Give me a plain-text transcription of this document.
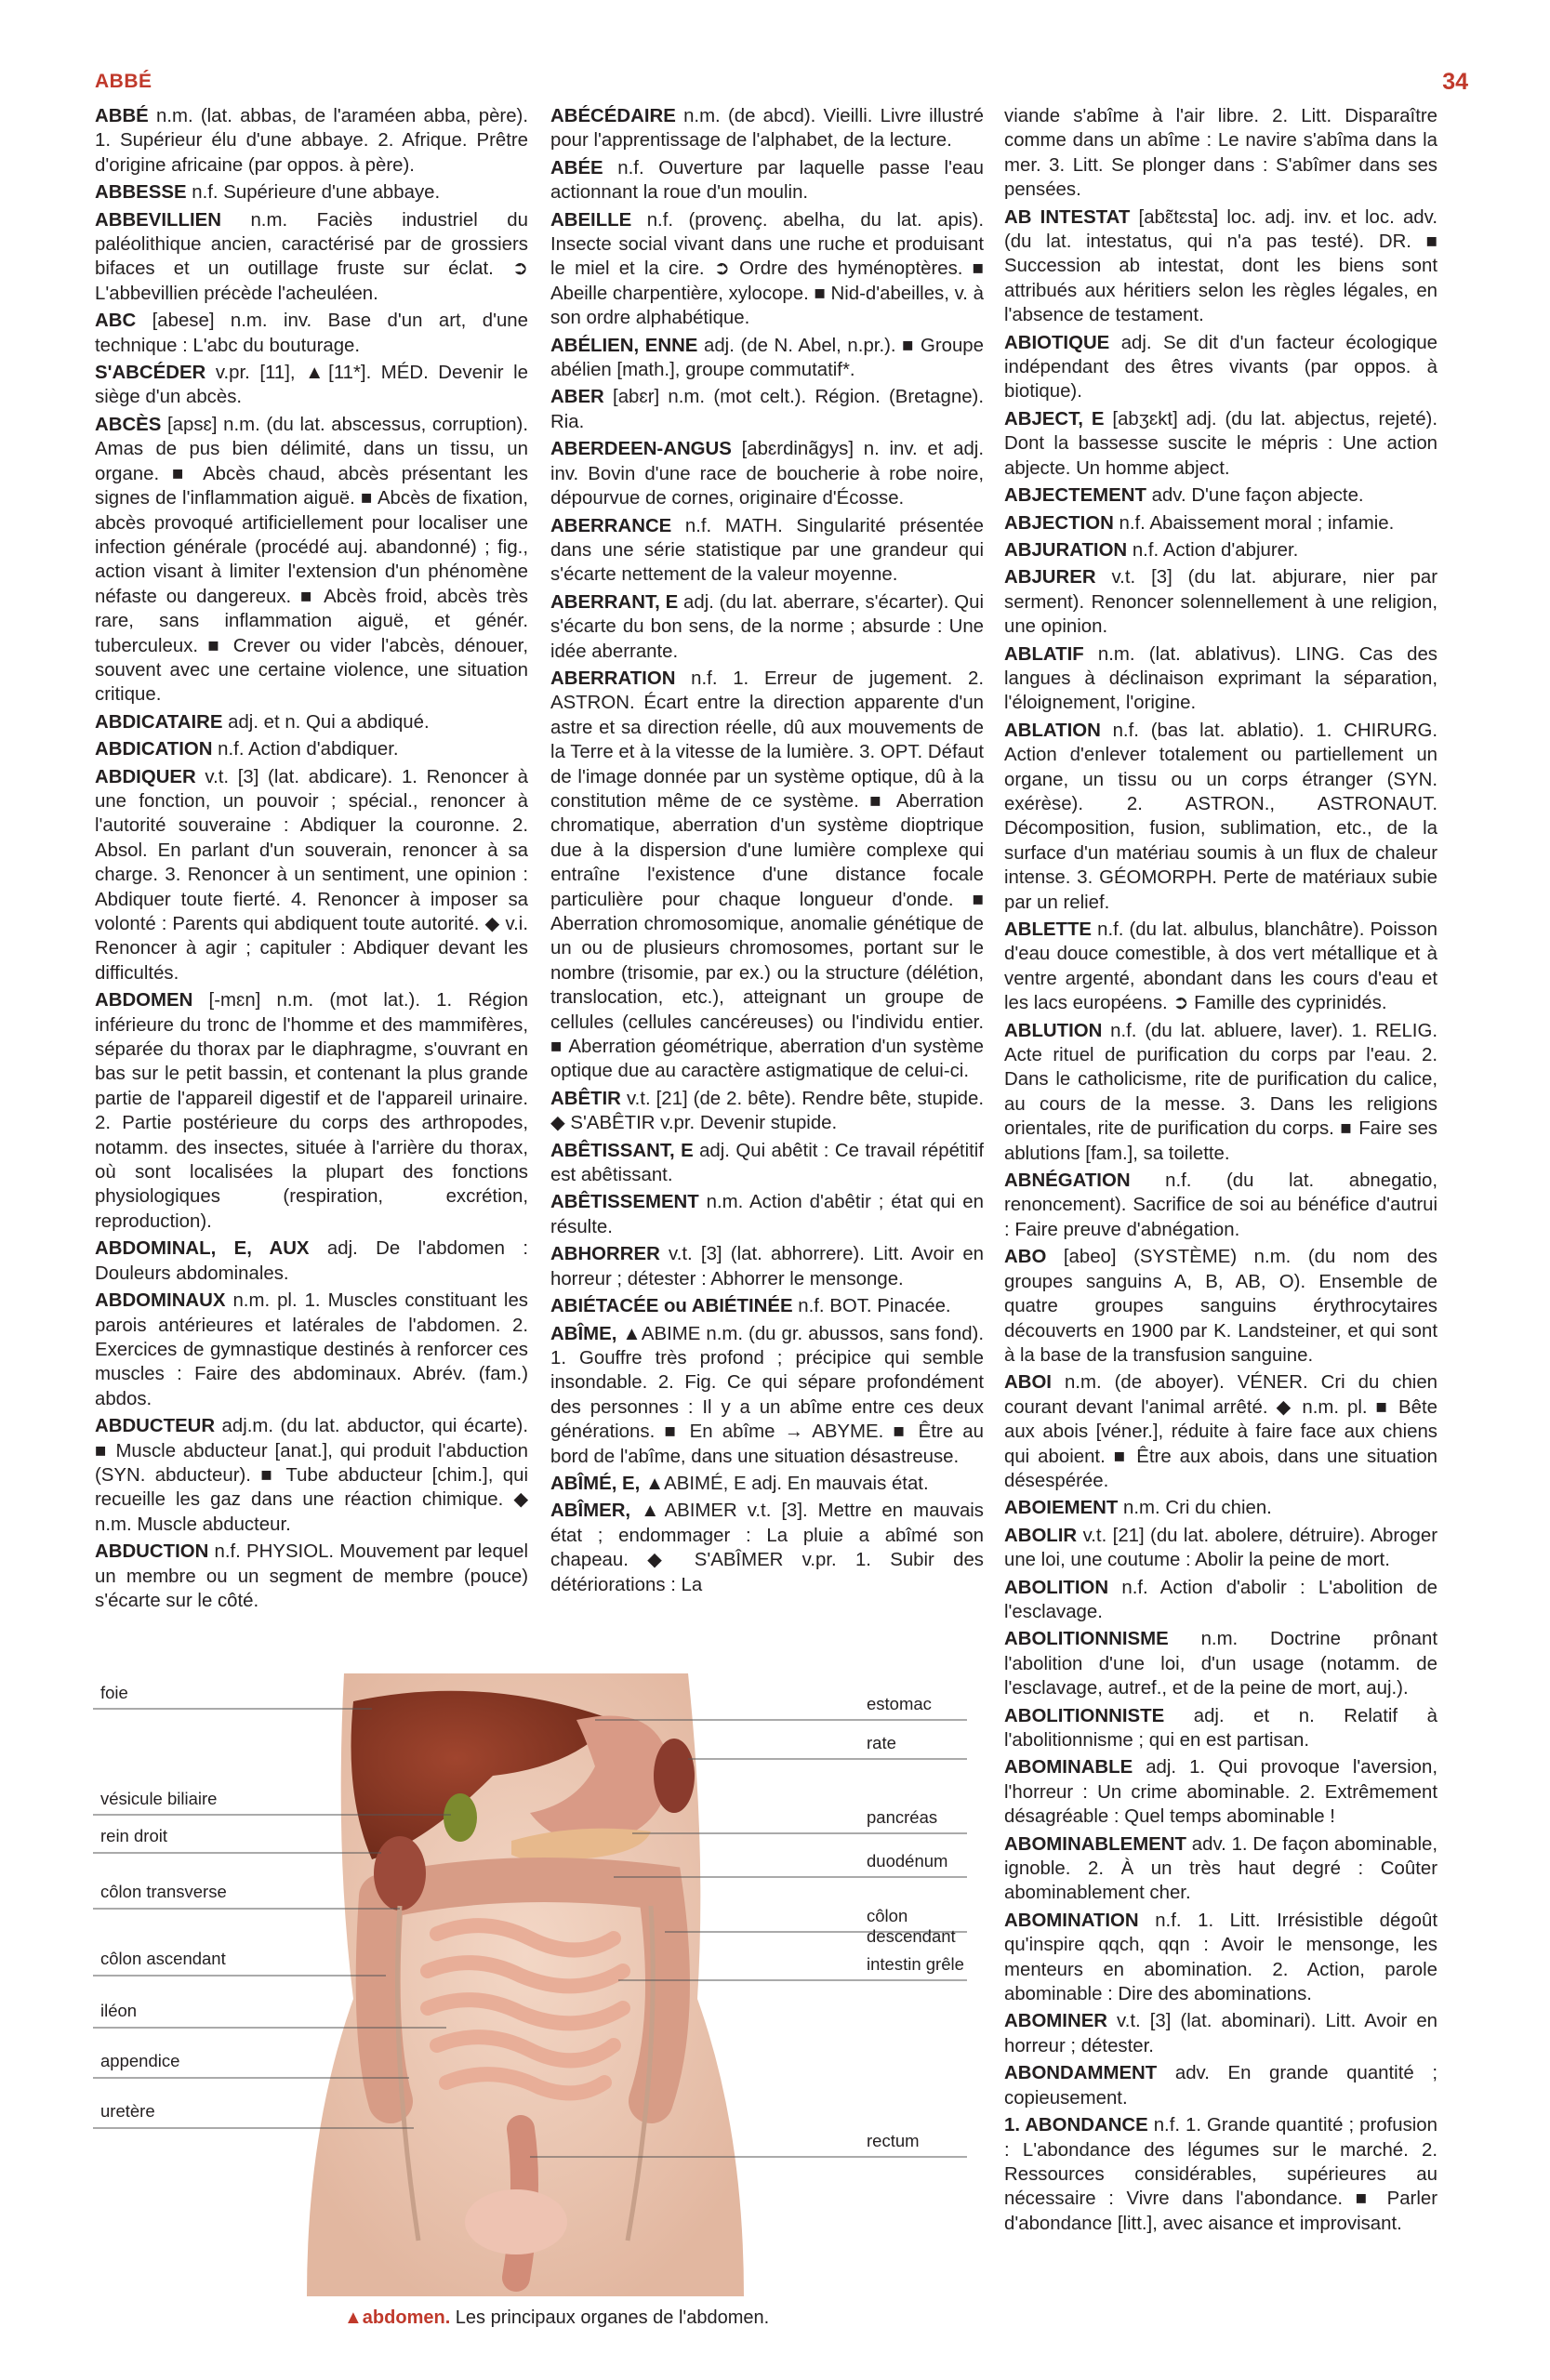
ABBÉ	34

ABBÉ n.m. (lat. abbas, de l'araméen abba, père). 1. Supérieur élu d'une abbaye. 2. Afrique. Prêtre d'origine africaine (par oppos. à père).

ABBESSE n.f. Supérieure d'une abbaye.

ABBEVILLIEN n.m. Faciès industriel du paléolithique ancien, caractérisé par de grossiers bifaces et un outillage fruste sur éclat. ➲ L'abbevillien précède l'acheuléen.

ABC [abese] n.m. inv. Base d'un art, d'une technique : L'abc du bouturage.

S'ABCÉDER v.pr. [11], ▲[11*]. MÉD. Devenir le siège d'un abcès.

ABCÈS [apsɛ] n.m. (du lat. abscessus, corruption). Amas de pus bien délimité, dans un tissu, un organe. ■ Abcès chaud, abcès présentant les signes de l'inflammation aiguë. ■ Abcès de fixation, abcès provoqué artificiellement pour localiser une infection générale (procédé auj. abandonné) ; fig., action visant à limiter l'extension d'un phénomène néfaste ou dangereux. ■ Abcès froid, abcès très rare, sans inflammation aiguë, et génér. tuberculeux. ■ Crever ou vider l'abcès, dénouer, souvent avec une certaine violence, une situation critique.

ABDICATAIRE adj. et n. Qui a abdiqué.

ABDICATION n.f. Action d'abdiquer.

ABDIQUER v.t. [3] (lat. abdicare). 1. Renoncer à une fonction, un pouvoir ; spécial., renoncer à l'autorité souveraine : Abdiquer la couronne. 2. Absol. En parlant d'un souverain, renoncer à sa charge. 3. Renoncer à un sentiment, une opinion : Abdiquer toute fierté. 4. Renoncer à imposer sa volonté : Parents qui abdiquent toute autorité. ◆ v.i. Renoncer à agir ; capituler : Abdiquer devant les difficultés.

ABDOMEN [-mɛn] n.m. (mot lat.). 1. Région inférieure du tronc de l'homme et des mammifères, séparée du thorax par le diaphragme, s'ouvrant en bas sur le petit bassin, et contenant la plus grande partie de l'appareil digestif et de l'appareil urinaire. 2. Partie postérieure du corps des arthropodes, notamm. des insectes, située à l'arrière du thorax, où sont localisées la plupart des fonctions physiologiques (respiration, excrétion, reproduction).

ABDOMINAL, E, AUX adj. De l'abdomen : Douleurs abdominales.

ABDOMINAUX n.m. pl. 1. Muscles constituant les parois antérieures et latérales de l'abdomen. 2. Exercices de gymnastique destinés à renforcer ces muscles : Faire des abdominaux. Abrév. (fam.) abdos.

ABDUCTEUR adj.m. (du lat. abductor, qui écarte). ■ Muscle abducteur [anat.], qui produit l'abduction (SYN. abducteur). ■ Tube abducteur [chim.], qui recueille les gaz dans une réaction chimique. ◆ n.m. Muscle abducteur.

ABDUCTION n.f. PHYSIOL. Mouvement par lequel un membre ou un segment de membre (pouce) s'écarte sur le côté.

ABÉCÉDAIRE n.m. (de abcd). Vieilli. Livre illustré pour l'apprentissage de l'alphabet, de la lecture.

ABÉE n.f. Ouverture par laquelle passe l'eau actionnant la roue d'un moulin.

ABEILLE n.f. (provenç. abelha, du lat. apis). Insecte social vivant dans une ruche et produisant le miel et la cire. ➲ Ordre des hyménoptères. ■ Abeille charpentière, xylocope. ■ Nid-d'abeilles, v. à son ordre alphabétique.

ABÉLIEN, ENNE adj. (de N. Abel, n.pr.). ■ Groupe abélien [math.], groupe commutatif*.

ABER [abɛr] n.m. (mot celt.). Région. (Bretagne). Ria.

ABERDEEN-ANGUS [abɛrdinãgys] n. inv. et adj. inv. Bovin d'une race de boucherie à robe noire, dépourvue de cornes, originaire d'Écosse.

ABERRANCE n.f. MATH. Singularité présentée dans une série statistique par une grandeur qui s'écarte nettement de la valeur moyenne.

ABERRANT, E adj. (du lat. aberrare, s'écarter). Qui s'écarte du bon sens, de la norme ; absurde : Une idée aberrante.

ABERRATION n.f. 1. Erreur de jugement. 2. ASTRON. Écart entre la direction apparente d'un astre et sa direction réelle, dû aux mouvements de la Terre et à la vitesse de la lumière. 3. OPT. Défaut de l'image donnée par un système optique, dû à la constitution même de ce système. ■ Aberration chromatique, aberration d'un système dioptrique due à la dispersion d'une lumière complexe qui entraîne l'existence d'une distance focale particulière pour chaque longueur d'onde. ■ Aberration chromosomique, anomalie génétique de un ou de plusieurs chromosomes, portant sur le nombre (trisomie, par ex.) ou la structure (délétion, translocation, etc.), atteignant un groupe de cellules (cellules cancéreuses) ou l'individu entier. ■ Aberration géométrique, aberration d'un système optique due au caractère astigmatique de celui-ci.

ABÊTIR v.t. [21] (de 2. bête). Rendre bête, stupide. ◆ S'ABÊTIR v.pr. Devenir stupide.

ABÊTISSANT, E adj. Qui abêtit : Ce travail répétitif est abêtissant.

ABÊTISSEMENT n.m. Action d'abêtir ; état qui en résulte.

ABHORRER v.t. [3] (lat. abhorrere). Litt. Avoir en horreur ; détester : Abhorrer le mensonge.

ABIÉTACÉE ou ABIÉTINÉE n.f. BOT. Pinacée.

ABÎME, ▲ABIME n.m. (du gr. abussos, sans fond). 1. Gouffre très profond ; précipice qui semble insondable. 2. Fig. Ce qui sépare profondément des personnes : Il y a un abîme entre ces deux générations. ■ En abîme → ABYME. ■ Être au bord de l'abîme, dans une situation désastreuse.

ABÎMÉ, E, ▲ABIMÉ, E adj. En mauvais état.

ABÎMER, ▲ABIMER v.t. [3]. Mettre en mauvais état ; endommager : La pluie a abîmé son chapeau. ◆ S'ABÎMER v.pr. 1. Subir des détériorations : La

viande s'abîme à l'air libre. 2. Litt. Disparaître comme dans un abîme : Le navire s'abîma dans la mer. 3. Litt. Se plonger dans : S'abîmer dans ses pensées.

AB INTESTAT [abɛ̃tɛsta] loc. adj. inv. et loc. adv. (du lat. intestatus, qui n'a pas testé). DR. ■ Succession ab intestat, dont les biens sont attribués aux héritiers selon les règles légales, en l'absence de testament.

ABIOTIQUE adj. Se dit d'un facteur écologique indépendant des êtres vivants (par oppos. à biotique).

ABJECT, E [abʒɛkt] adj. (du lat. abjectus, rejeté). Dont la bassesse suscite le mépris : Une action abjecte. Un homme abject.

ABJECTEMENT adv. D'une façon abjecte.

ABJECTION n.f. Abaissement moral ; infamie.

ABJURATION n.f. Action d'abjurer.

ABJURER v.t. [3] (du lat. abjurare, nier par serment). Renoncer solennellement à une religion, une opinion.

ABLATIF n.m. (lat. ablativus). LING. Cas des langues à déclinaison exprimant la séparation, l'éloignement, l'origine.

ABLATION n.f. (bas lat. ablatio). 1. CHIRURG. Action d'enlever totalement ou partiellement un organe, un tissu ou un corps étranger (SYN. exérèse). 2. ASTRON., ASTRONAUT. Décomposition, fusion, sublimation, etc., de la surface d'un matériau soumis à un flux de chaleur intense. 3. GÉOMORPH. Perte de matériaux subie par un relief.

ABLETTE n.f. (du lat. albulus, blanchâtre). Poisson d'eau douce comestible, à dos vert métallique et à ventre argenté, abondant dans les cours d'eau et les lacs européens. ➲ Famille des cyprinidés.

ABLUTION n.f. (du lat. abluere, laver). 1. RELIG. Acte rituel de purification du corps par l'eau. 2. Dans le catholicisme, rite de purification du calice, au cours de la messe. 3. Dans les religions orientales, rite de purification du corps. ■ Faire ses ablutions [fam.], sa toilette.

ABNÉGATION n.f. (du lat. abnegatio, renoncement). Sacrifice de soi au bénéfice d'autrui : Faire preuve d'abnégation.

ABO [abeo] (SYSTÈME) n.m. (du nom des groupes sanguins A, B, AB, O). Ensemble de quatre groupes sanguins érythrocytaires découverts en 1900 par K. Landsteiner, et qui sont à la base de la transfusion sanguine.

ABOI n.m. (de aboyer). VÉNER. Cri du chien courant devant l'animal arrêté. ◆ n.m. pl. ■ Bête aux abois [véner.], réduite à faire face aux chiens qui aboient. ■ Être aux abois, dans une situation désespérée.

ABOIEMENT n.m. Cri du chien.

ABOLIR v.t. [21] (du lat. abolere, détruire). Abroger une loi, une coutume : Abolir la peine de mort.

ABOLITION n.f. Action d'abolir : L'abolition de l'esclavage.

ABOLITIONNISME n.m. Doctrine prônant l'abolition d'une loi, d'un usage (notamm. de l'esclavage, autref., et de la peine de mort, auj.).

ABOLITIONNISTE adj. et n. Relatif à l'abolitionnisme ; qui en est partisan.

ABOMINABLE adj. 1. Qui provoque l'aversion, l'horreur : Un crime abominable. 2. Extrêmement désagréable : Quel temps abominable !

ABOMINABLEMENT adv. 1. De façon abominable, ignoble. 2. À un très haut degré : Coûter abominablement cher.

ABOMINATION n.f. 1. Litt. Irrésistible dégoût qu'inspire qqch, qqn : Avoir le mensonge, les menteurs en abomination. 2. Action, parole abominable : Dire des abominations.

ABOMINER v.t. [3] (lat. abominari). Litt. Avoir en horreur ; détester.

ABONDAMMENT adv. En grande quantité ; copieusement.

1. ABONDANCE n.f. 1. Grande quantité ; profusion : L'abondance des légumes sur le marché. 2. Ressources considérables, supérieures au nécessaire : Vivre dans l'abondance. ■ Parler d'abondance [litt.], avec aisance et improvisant.

foie
vésicule biliaire
rein droit
côlon transverse
côlon ascendant
iléon
appendice
uretère
estomac
rate
pancréas
duodénum
côlon descendant
intestin grêle
rectum
▲abdomen. Les principaux organes de l'abdomen.
